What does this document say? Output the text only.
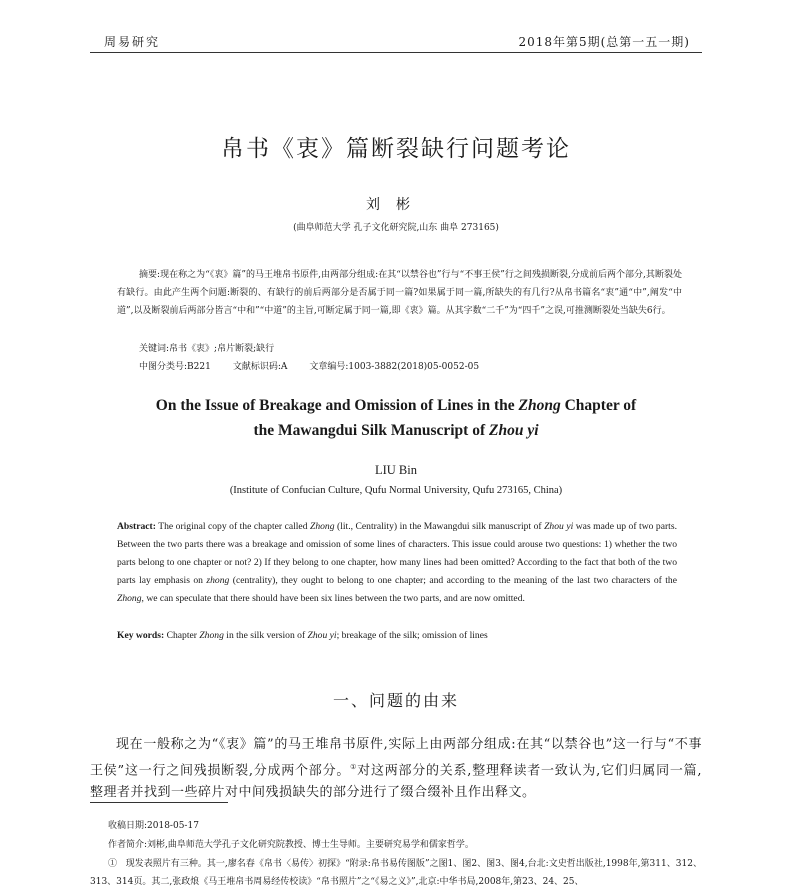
周易研究	2018年第5期(总第一五一期)
帛书《衷》篇断裂缺行问题考论
刘彬
(曲阜师范大学 孔子文化研究院,山东 曲阜 273165)

摘要:现在称之为“《衷》篇”的马王堆帛书原件,由两部分组成:在其“以禁谷也”行与“不事王侯”行之间残损断裂,分成前后两个部分,其断裂处有缺行。由此产生两个问题:断裂的、有缺行的前后两部分是否属于同一篇?如果属于同一篇,所缺失的有几行?从帛书篇名“衷”通“中”,阐发“中道”,以及断裂前后两部分皆言“中和”“中道”的主旨,可断定属于同一篇,即《衷》篇。从其字数“二千”为“四千”之误,可推测断裂处当缺失6行。

关键词:帛书《衷》;帛片断裂;缺行
中图分类号:B221 文献标识码:A 文章编号:1003-3882(2018)05-0052-05

On the Issue of Breakage and Omission of Lines in the Zhong Chapter of
the Mawangdui Silk Manuscript of Zhou yi

LIU Bin
(Institute of Confucian Culture, Qufu Normal University, Qufu 273165, China)

Abstract: The original copy of the chapter called Zhong (lit., Centrality) in the Mawangdui silk manuscript of Zhou yi was made up of two parts. Between the two parts there was a breakage and omission of some lines of characters. This issue could arouse two questions: 1) whether the two parts belong to one chapter or not? 2) If they belong to one chapter, how many lines had been omitted? According to the fact that both of the two parts lay emphasis on zhong (centrality), they ought to belong to one chapter; and according to the meaning of the last two characters of the Zhong, we can speculate that there should have been six lines between the two parts, and are now omitted.

Key words: Chapter Zhong in the silk version of Zhou yi; breakage of the silk; omission of lines
一、问题的由来

现在一般称之为“《衷》篇”的马王堆帛书原件,实际上由两部分组成:在其“以禁谷也”这一行与“不事王侯”这一行之间残损断裂,分成两个部分。①对这两部分的关系,整理释读者一致认为,它们归属同一篇,整理者并找到一些碎片对中间残损缺失的部分进行了缀合缀补且作出释文。

收稿日期:2018-05-17
作者简介:刘彬,曲阜师范大学孔子文化研究院教授、博士生导师。主要研究易学和儒家哲学。

① 现发表照片有三种。其一,廖名春《帛书〈易传〉初探》“附录:帛书易传图版”之图1、图2、图3、图4,台北:文史哲出版社,1998年,第311、312、313、314页。其二,张政烺《马王堆帛书周易经传校读》“帛书照片”之“《易之义》”,北京:中华书局,2008年,第23、24、25、
